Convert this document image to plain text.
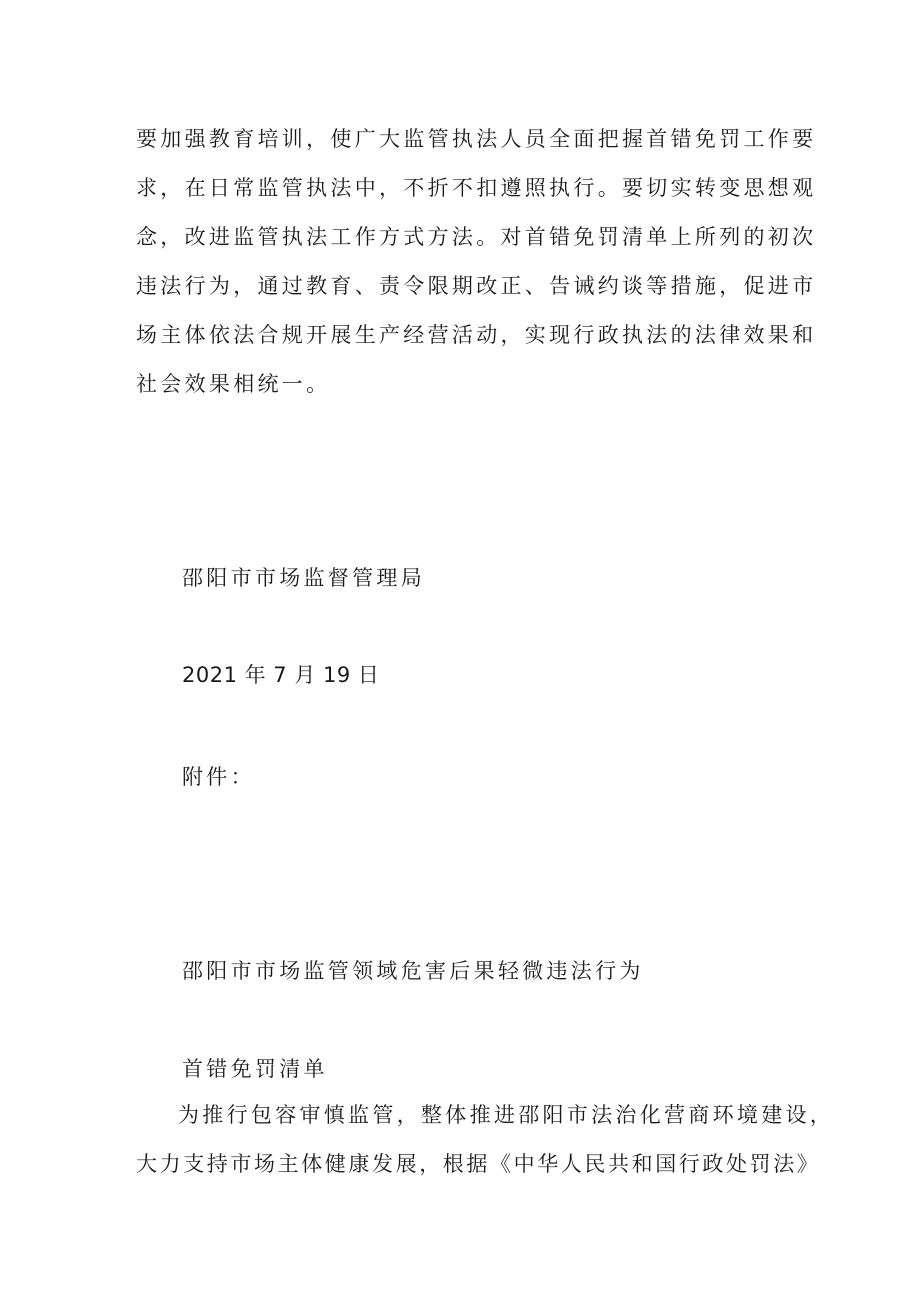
要加强教育培训，使广大监管执法人员全面把握首错免罚工作要
求，在日常监管执法中，不折不扣遵照执行。要切实转变思想观
念，改进监管执法工作方式方法。对首错免罚清单上所列的初次
违法行为，通过教育、责令限期改正、告诫约谈等措施，促进市
场主体依法合规开展生产经营活动，实现行政执法的法律效果和
社会效果相统一。
邵阳市市场监督管理局
2021 年 7 月 19 日
附件：
邵阳市市场监管领域危害后果轻微违法行为
首错免罚清单
为推行包容审慎监管，整体推进邵阳市法治化营商环境建设，
大力支持市场主体健康发展，根据《中华人民共和国行政处罚法》
